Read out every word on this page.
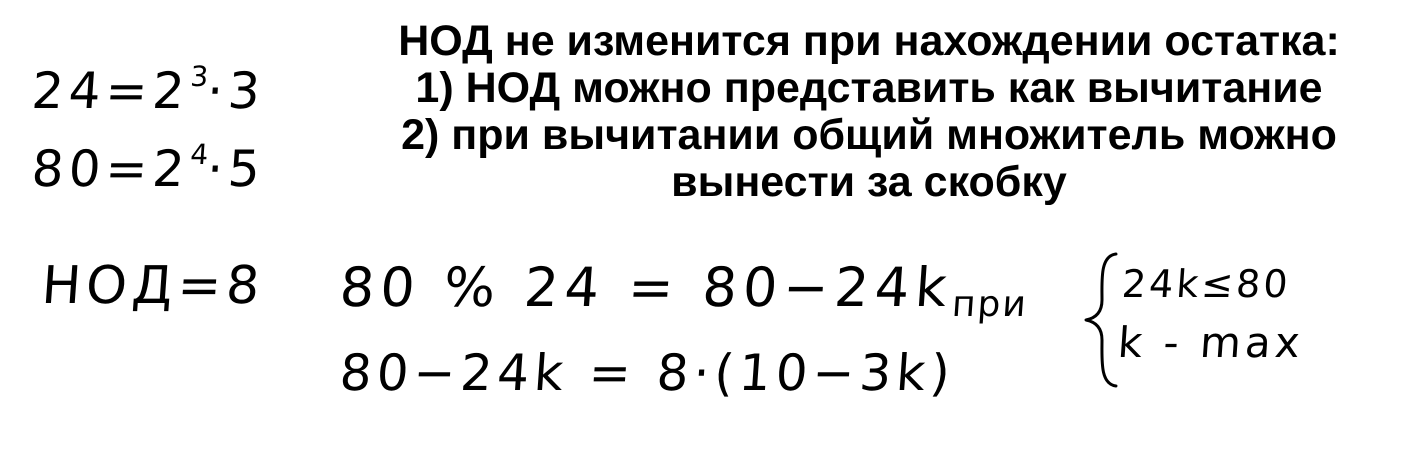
НОД не изменится при нахождении остатка:
1) НОД можно представить как вычитание
2) при вычитании общий множитель можно
вынести за скобку
$24=2^3\cdot 3$
$80=2^4\cdot 5$
НОД=8 80 % 24 = 80−24k
при 24k≤80
k - max
80−24k = 8·(10−3k)
